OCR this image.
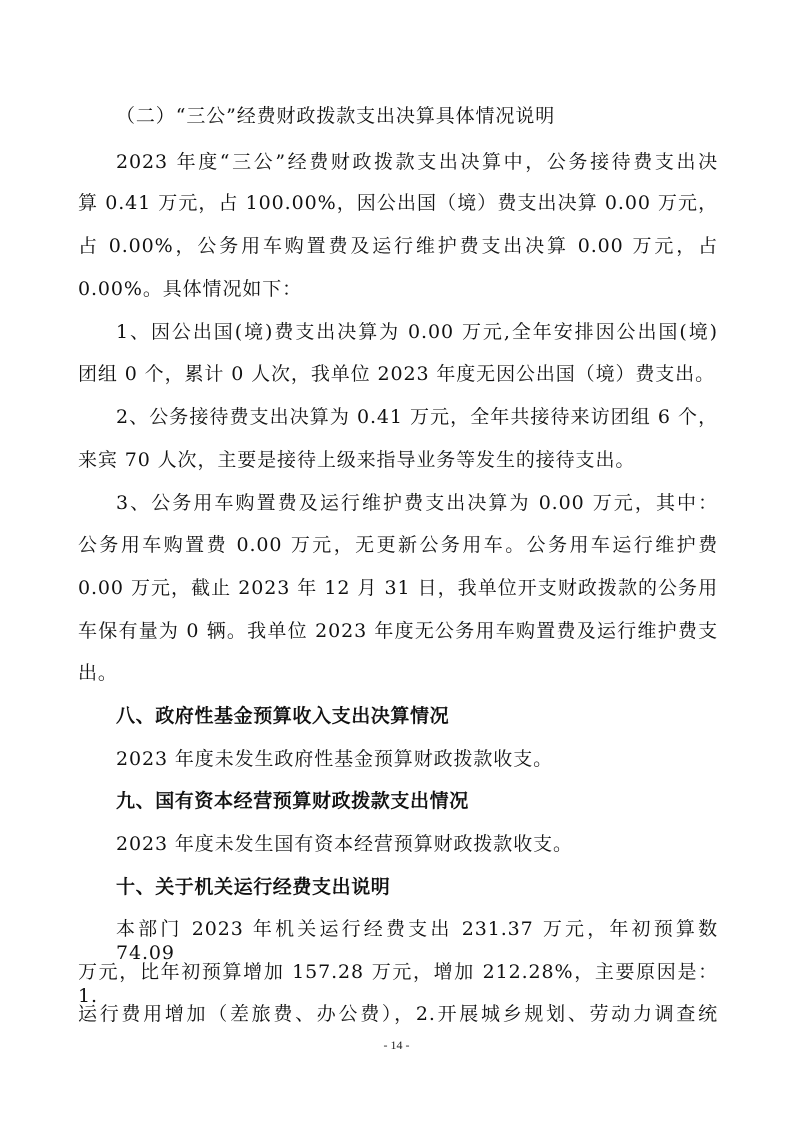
（二）“三公”经费财政拨款支出决算具体情况说明
2023 年度“三公”经费财政拨款支出决算中，公务接待费支出决
算 0.41 万元，占 100.00%，因公出国（境）费支出决算 0.00 万元，
占 0.00%，公务用车购置费及运行维护费支出决算 0.00 万元，占
0.00%。具体情况如下：
1、因公出国(境)费支出决算为 0.00 万元,全年安排因公出国(境)
团组 0 个，累计 0 人次，我单位 2023 年度无因公出国（境）费支出。
2、公务接待费支出决算为 0.41 万元，全年共接待来访团组 6 个，
来宾 70 人次，主要是接待上级来指导业务等发生的接待支出。
3、公务用车购置费及运行维护费支出决算为 0.00 万元，其中：
公务用车购置费 0.00 万元，无更新公务用车。公务用车运行维护费
0.00 万元，截止 2023 年 12 月 31 日，我单位开支财政拨款的公务用
车保有量为 0 辆。我单位 2023 年度无公务用车购置费及运行维护费支
出。
八、政府性基金预算收入支出决算情况
2023 年度未发生政府性基金预算财政拨款收支。
九、国有资本经营预算财政拨款支出情况
2023 年度未发生国有资本经营预算财政拨款收支。
十、关于机关运行经费支出说明
本部门 2023 年机关运行经费支出 231.37 万元，年初预算数 74.09
万元，比年初预算增加 157.28 万元，增加 212.28%，主要原因是：1.
运行费用增加（差旅费、办公费），2.开展城乡规划、劳动力调查统
- 14 -
